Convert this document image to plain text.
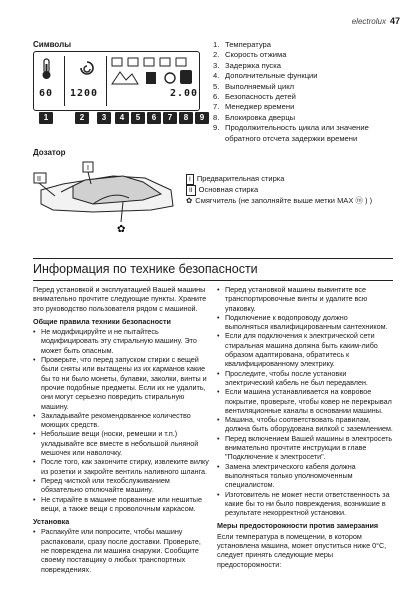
electrolux 47
Символы
60 1200	2.00
1	2	3	4	5	6	7	8	9
1. Температура
2. Скорость отжима
3. Задержка пуска
4. Дополнительные функции
5. Выполняемый цикл
6. Безопасность детей
7. Менеджер времени
8. Блокировка дверцы
9. Продолжительность цикла или значение
обратного отсчета задержки времени
Дозатор
II
I
✿
I Предварительная стирка
II Основная стирка
✿ Смягчитель (не заполняйте выше метки MAX ⓜ ) )
Информация по технике безопасности

Перед установкой и эксплуатацией Вашей машины внимательно прочтите следующие пункты. Храните это руководство пользователя рядом с машиной.

Общие правила техники безопасности

• Не модифицируйте и не пытайтесь модифицировать эту стиральную машину. Это может быть опасным.
• Проверьте, что перед запуском стирки с вещей были сняты или вытащены из их карманов какие бы то ни было монеты, булавки, заколки, винты и прочие подобные предметы. Если их не удалить, они могут серьезно повредить стиральную машину.
• Закладывайте рекомендованное количество моющих средств.
• Небольшие вещи (носки, ремешки и т.п.) укладывайте все вместе в небольшой льняной мешочек или наволочку.
• После того, как закончите стирку, извлеките вилку из розетки и закройте вентиль наливного шланга.
• Перед чисткой или техобслуживанием обязательно отключайте машину.
• Не стирайте в машине порванные или нешитые вещи, а также вещи с проволочным каркасом.

Установка

• Распакуйте или попросите, чтобы машину распаковали, сразу после доставки. Проверьте, не повреждена ли машина снаружи. Сообщите своему поставщику о любых транспортных повреждениях.
• Перед установкой машины вывинтите все транспортировочные винты и удалите всю упаковку.
• Подключение к водопроводу должно выполняться квалифицированным сантехником.
• Если для подключения к электрической сети стиральная машина должна быть каким-либо образом адаптирована, обратитесь к квалифицированному электрику.
• Проследите, чтобы после установки электрический кабель не был передавлен.
• Если машина устанавливается на ковровое покрытие, проверьте, чтобы ковер не перекрывал вентиляционные каналы в основании машины.
• Машина, чтобы соответствовать правилам, должна быть оборудована вилкой с заземлением.
• Перед включением Вашей машины в электросеть внимательно прочтите инструкции в главе "Подключение к электросети".
• Замена электрического кабеля должна выполняться только уполномоченным специалистом.
• Изготовитель не может нести ответственность за какие бы то ни было повреждения, возникшие в результате некорректной установки.

Меры предосторожности против замерзания

Если температура в помещении, в котором установлена машина, может опуститься ниже 0°C, следует принять следующие меры предосторожности:
